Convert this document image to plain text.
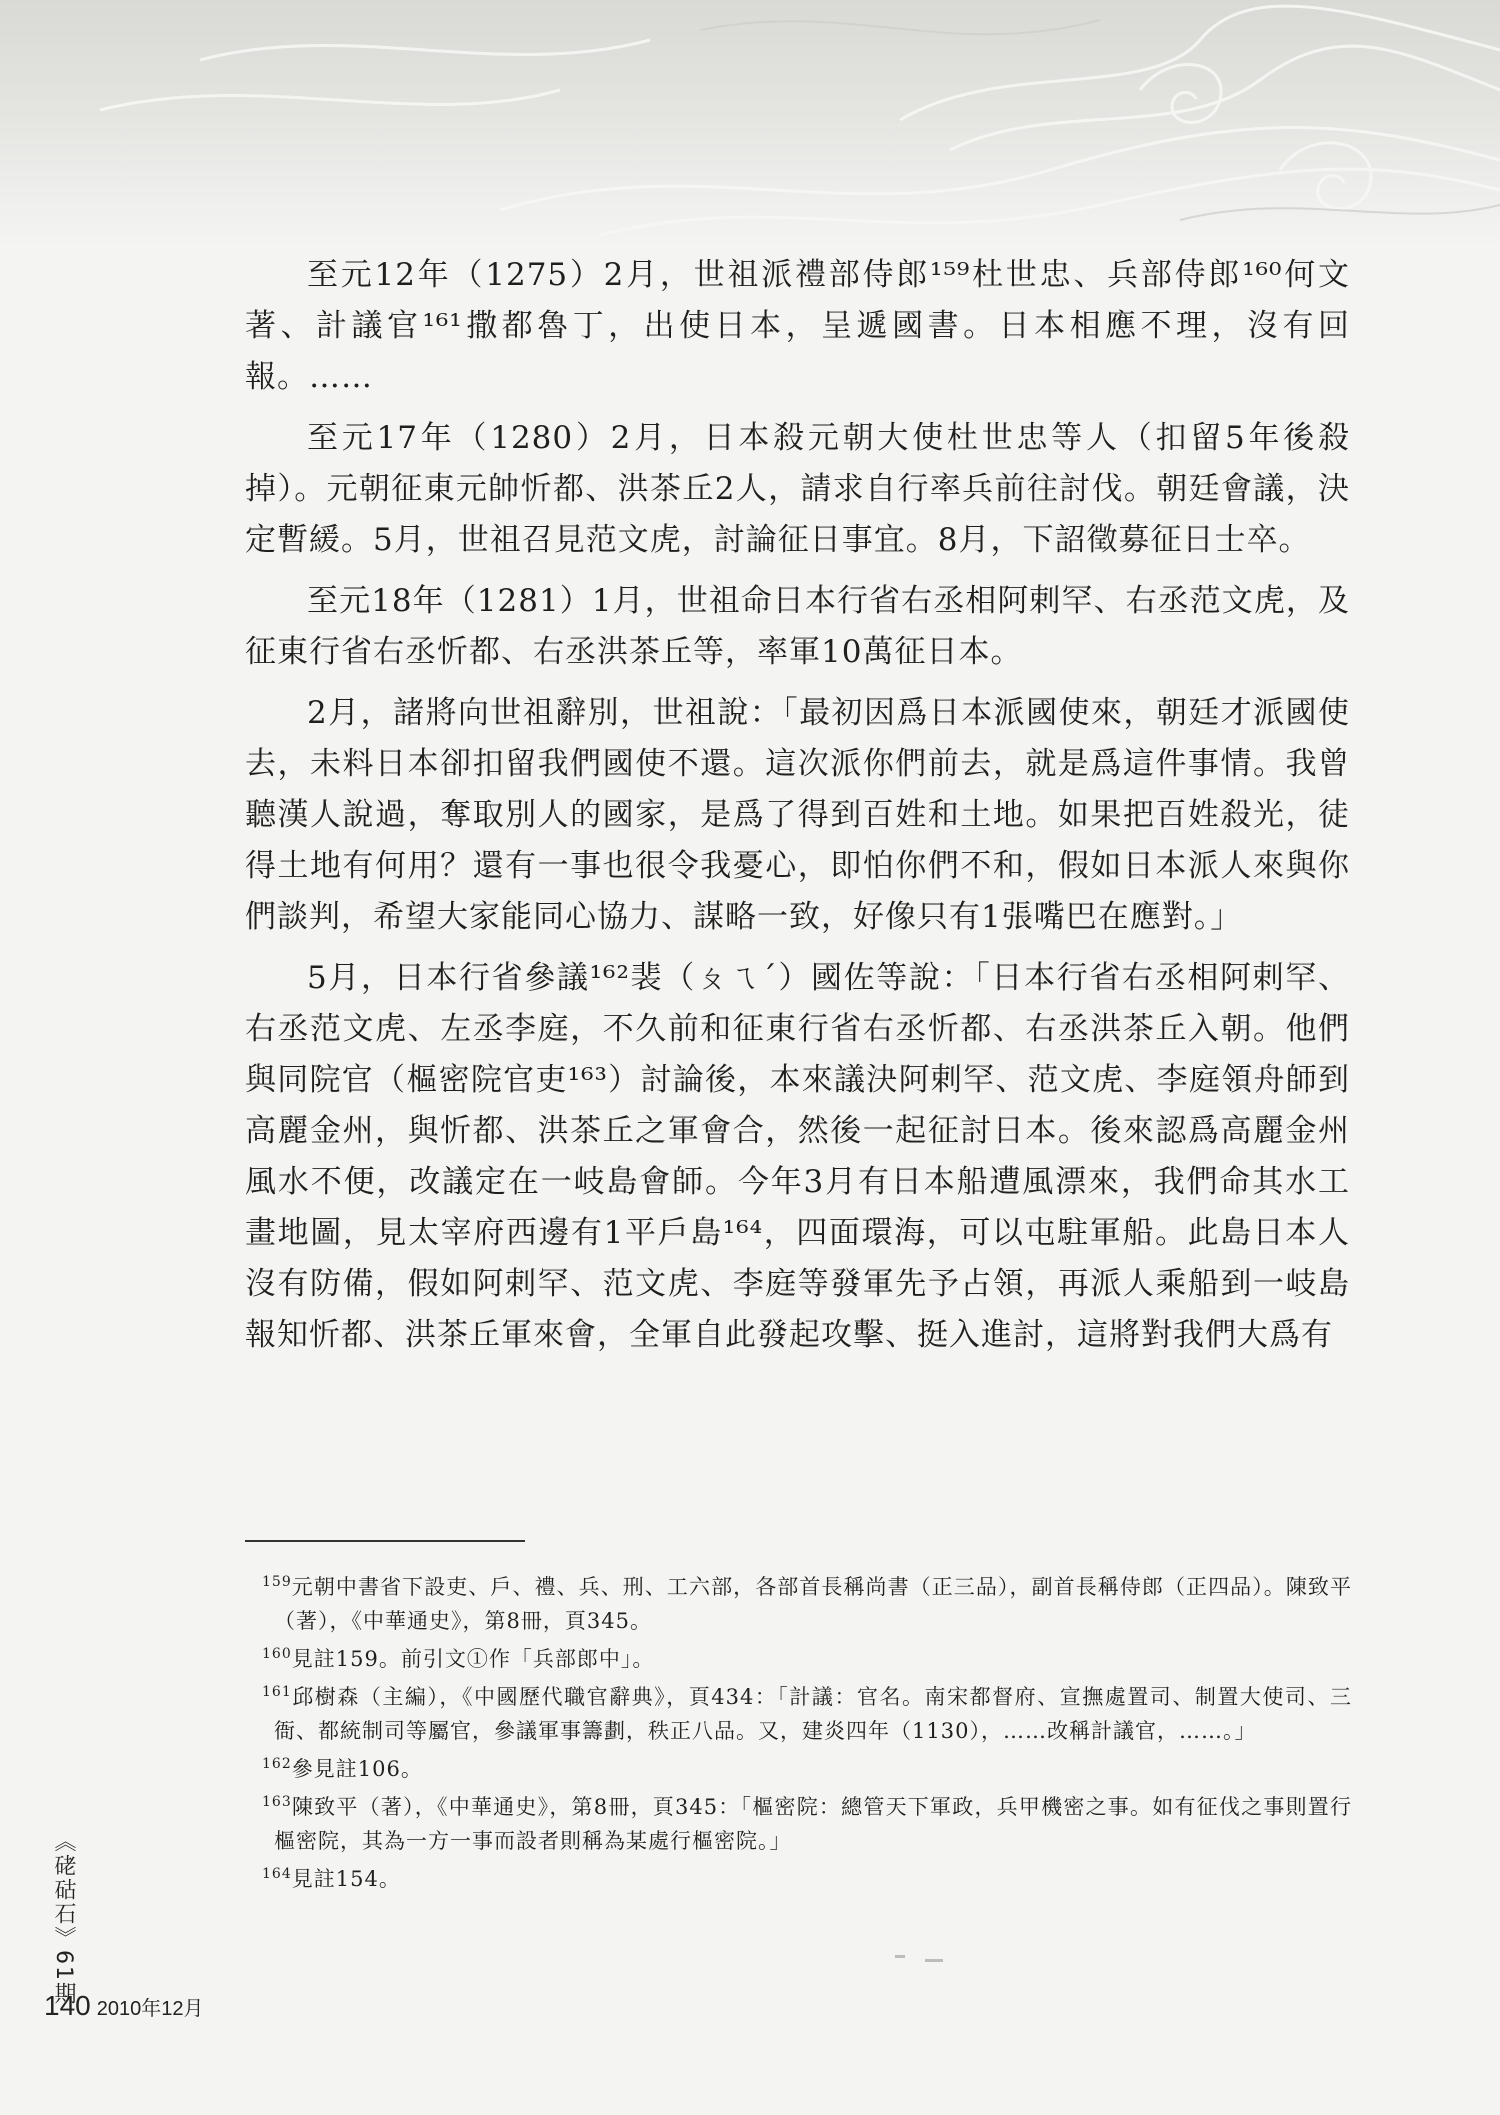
至元12年（1275）2月，世祖派禮部侍郎¹⁵⁹杜世忠、兵部侍郎¹⁶⁰何文著、計議官¹⁶¹撒都魯丁，出使日本，呈遞國書。日本相應不理，沒有回報。……

至元17年（1280）2月，日本殺元朝大使杜世忠等人（扣留5年後殺掉）。元朝征東元帥忻都、洪茶丘2人，請求自行率兵前往討伐。朝廷會議，決定暫緩。5月，世祖召見范文虎，討論征日事宜。8月，下詔徵募征日士卒。

至元18年（1281）1月，世祖命日本行省右丞相阿剌罕、右丞范文虎，及征東行省右丞忻都、右丞洪茶丘等，率軍10萬征日本。

2月，諸將向世祖辭別，世祖說：「最初因爲日本派國使來，朝廷才派國使去，未料日本卻扣留我們國使不還。這次派你們前去，就是爲這件事情。我曾聽漢人說過，奪取別人的國家，是爲了得到百姓和土地。如果把百姓殺光，徒得土地有何用？還有一事也很令我憂心，即怕你們不和，假如日本派人來與你們談判，希望大家能同心協力、謀略一致，好像只有1張嘴巴在應對。」

5月，日本行省參議¹⁶²裴（ㄆㄟˊ）國佐等說：「日本行省右丞相阿剌罕、右丞范文虎、左丞李庭，不久前和征東行省右丞忻都、右丞洪茶丘入朝。他們與同院官（樞密院官吏¹⁶³）討論後，本來議決阿剌罕、范文虎、李庭領舟師到高麗金州，與忻都、洪茶丘之軍會合，然後一起征討日本。後來認爲高麗金州風水不便，改議定在一岐島會師。今年3月有日本船遭風漂來，我們命其水工畫地圖，見太宰府西邊有1平戶島¹⁶⁴，四面環海，可以屯駐軍船。此島日本人沒有防備，假如阿剌罕、范文虎、李庭等發軍先予占領，再派人乘船到一岐島報知忻都、洪茶丘軍來會，全軍自此發起攻擊、挺入進討，這將對我們大爲有

$^{159}$元朝中書省下設吏、戶、禮、兵、刑、工六部，各部首長稱尚書（正三品），副首長稱侍郎（正四品）。陳致平（著），《中華通史》，第8冊，頁345。
$^{160}$見註159。前引文①作「兵部郎中」。
$^{161}$邱樹森（主編），《中國歷代職官辭典》，頁434：「計議：官名。南宋都督府、宣撫處置司、制置大使司、三衙、都統制司等屬官，參議軍事籌劃，秩正八品。又，建炎四年（1130），……改稱計議官，……。」
$^{162}$參見註106。
$^{163}$陳致平（著），《中華通史》，第8冊，頁345：「樞密院：總管天下軍政，兵甲機密之事。如有征伐之事則置行樞密院，其為一方一事而設者則稱為某處行樞密院。」
$^{164}$見註154。
《硓𥑮石》61期
140 2010年12月
